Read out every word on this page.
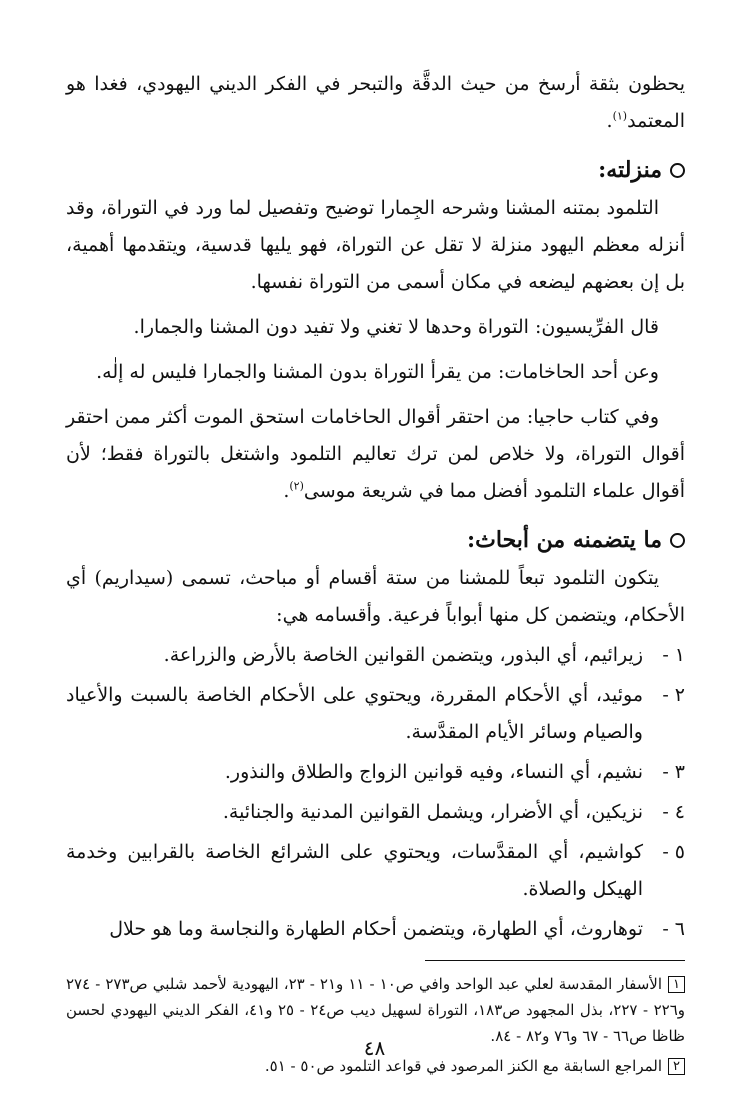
يحظون بثقة أرسخ من حيث الدقَّة والتبحر في الفكر الديني اليهودي، فغدا هو المعتمد$^{(١)}$.

منزلته:

التلمود بمتنه المشنا وشرحه الجِمارا توضيح وتفصيل لما ورد في التوراة، وقد أنزله معظم اليهود منزلة لا تقل عن التوراة، فهو يليها قدسية، ويتقدمها أهمية، بل إن بعضهم ليضعه في مكان أسمى من التوراة نفسها.

قال الفرِّيسيون: التوراة وحدها لا تغني ولا تفيد دون المشنا والجمارا.

وعن أحد الحاخامات: من يقرأ التوراة بدون المشنا والجمارا فليس له إلٰه.

وفي كتاب حاجيا: من احتقر أقوال الحاخامات استحق الموت أكثر ممن احتقر أقوال التوراة، ولا خلاص لمن ترك تعاليم التلمود واشتغل بالتوراة فقط؛ لأن أقوال علماء التلمود أفضل مما في شريعة موسى$^{(٢)}$.

ما يتضمنه من أبحاث:

يتكون التلمود تبعاً للمشنا من ستة أقسام أو مباحث، تسمى (سيداريم) أي الأحكام، ويتضمن كل منها أبواباً فرعية. وأقسامه هي:

١ -
زيرائيم، أي البذور، ويتضمن القوانين الخاصة بالأرض والزراعة.
٢ -
موئيد، أي الأحكام المقررة، ويحتوي على الأحكام الخاصة بالسبت والأعياد والصيام وسائر الأيام المقدَّسة.
٣ -
نشيم، أي النساء، وفيه قوانين الزواج والطلاق والنذور.
٤ -
نزيكين، أي الأضرار، ويشمل القوانين المدنية والجنائية.
٥ -
كواشيم، أي المقدَّسات، ويحتوي على الشرائع الخاصة بالقرابين وخدمة الهيكل والصلاة.
٦ -
توهاروث، أي الطهارة، ويتضمن أحكام الطهارة والنجاسة وما هو حلال

١الأسفار المقدسة لعلي عبد الواحد وافي ص١٠ - ١١ و٢١ - ٢٣، اليهودية لأحمد شلبي ص٢٧٣ - ٢٧٤ و٢٢٦ - ٢٢٧، بذل المجهود ص١٨٣، التوراة لسهيل ديب ص٢٤ - ٢٥ و٤١، الفكر الديني اليهودي لحسن ظاظا ص٦٦ - ٦٧ و٧٦ و٨٢ - ٨٤.

٢المراجع السابقة مع الكنز المرصود في قواعد التلمود ص٥٠ - ٥١.

٤٨
